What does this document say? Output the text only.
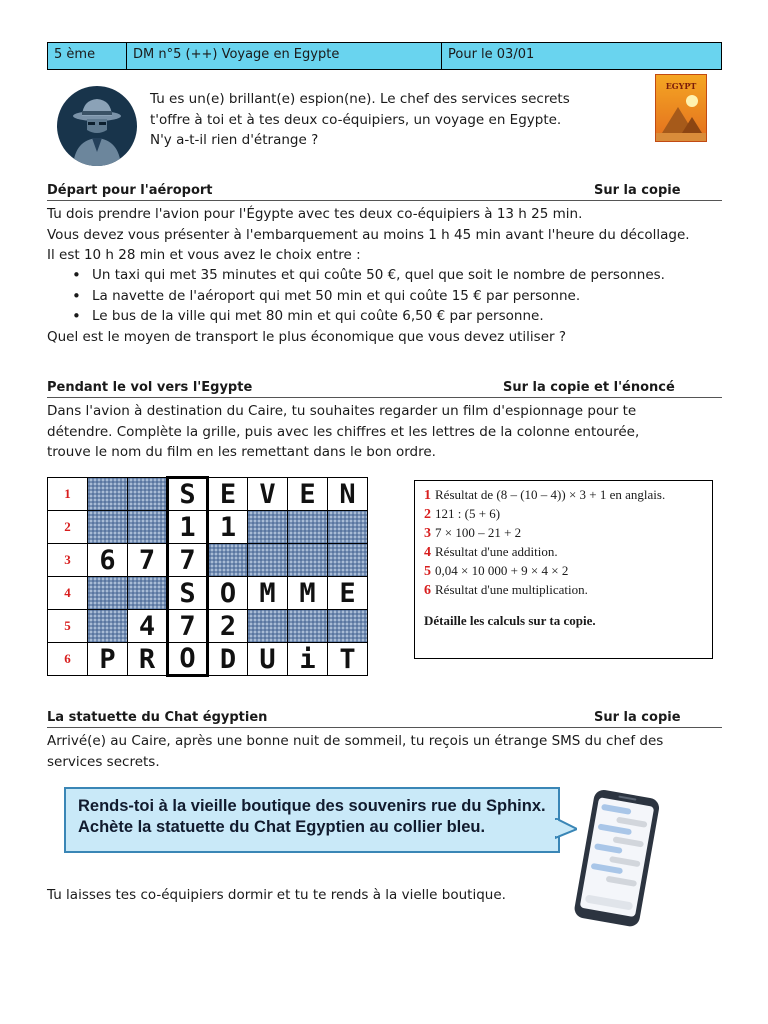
5 ème	DM n°5 (++) Voyage en Egypte	Pour le 03/01
Tu es un(e) brillant(e) espion(ne). Le chef des services secrets
t'offre à toi et à tes deux co-équipiers, un voyage en Egypte.
N'y a-t-il rien d'étrange ?
EGYPT
Départ pour l'aéroport	Sur la copie
Tu dois prendre l'avion pour l'Égypte avec tes deux co-équipiers à 13 h 25 min.
Vous devez vous présenter à l'embarquement au moins 1 h 45 min avant l'heure du décollage.
Il est 10 h 28 min et vous avez le choix entre :
• Un taxi qui met 35 minutes et qui coûte 50 €, quel que soit le nombre de personnes.
• La navette de l'aéroport qui met 50 min et qui coûte 15 € par personne.
• Le bus de la ville qui met 80 min et qui coûte 6,50 € par personne.
Quel est le moyen de transport le plus économique que vous devez utiliser ?
Pendant le vol vers l'Egypte	Sur la copie et l'énoncé
Dans l'avion à destination du Caire, tu souhaites regarder un film d'espionnage pour te
détendre. Complète la grille, puis avec les chiffres et les lettres de la colonne entourée,
trouve le nom du film en les remettant dans le bon ordre.
1			S	E	V	E	N
2			1	1			
3	6	7	7				
4			S	O	M	M	E
5		4	7	2			
6	P	R	O	D	U	i	T
1 Résultat de (8 – (10 – 4)) × 3 + 1 en anglais.
2 121 : (5 + 6)
3 7 × 100 – 21 + 2
4 Résultat d'une addition.
5 0,04 × 10 000 + 9 × 4 × 2
6 Résultat d'une multiplication.
Détaille les calculs sur ta copie.
La statuette du Chat égyptien	Sur la copie
Arrivé(e) au Caire, après une bonne nuit de sommeil, tu reçois un étrange SMS du chef des
services secrets.
Rends-toi à la vieille boutique des souvenirs rue du Sphinx.
Achète la statuette du Chat Egyptien au collier bleu.
Tu laisses tes co-équipiers dormir et tu te rends à la vielle boutique.
